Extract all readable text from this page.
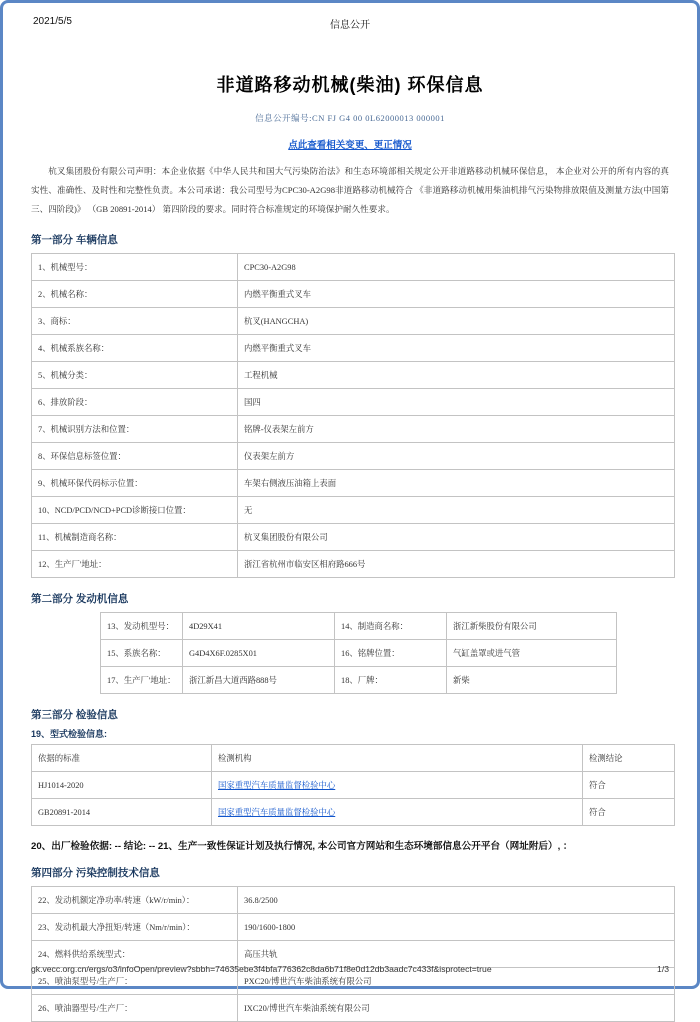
2021/5/5	信息公开
非道路移动机械(柴油) 环保信息
信息公开编号:CN FJ G4 00 0L62000013 000001
点此查看相关变更、更正情况
杭叉集团股份有限公司声明：本企业依据《中华人民共和国大气污染防治法》和生态环境部相关规定公开非道路移动机械环保信息， 本企业对公开的所有内容的真实性、准确性、及时性和完整性负责。本公司承诺：我公司型号为CPC30-A2G98非道路移动机械符合 《非道路移动机械用柴油机排气污染物排放限值及测量方法(中国第三、四阶段)》 （GB 20891-2014） 第四阶段的要求。同时符合标准规定的环境保护耐久性要求。
第一部分 车辆信息
1、机械型号：	CPC30-A2G98
2、机械名称：	内燃平衡重式叉车
3、商标：	杭叉(HANGCHA)
4、机械系族名称：	内燃平衡重式叉车
5、机械分类：	工程机械
6、排放阶段：	国四
7、机械识别方法和位置：	铭牌-仪表架左前方
8、环保信息标签位置：	仪表架左前方
9、机械环保代码标示位置：	车架右侧液压油箱上表面
10、NCD/PCD/NCD+PCD诊断接口位置：	无
11、机械制造商名称：	杭叉集团股份有限公司
12、生产厂'地址：	浙江省杭州市临安区相府路666号
第二部分 发动机信息
13、发动机型号：	4D29X41	14、制造商名称：	浙江新柴股份有限公司
15、系族名称：	G4D4X6F.0285X01	16、铭牌位置：	气缸盖罩或进气管
17、生产厂'地址：	浙江新昌大道西路888号	18、厂牌：	新柴
第三部分 检验信息
19、型式检验信息:
依据的标准	检测机构	检测结论
HJ1014-2020	国家重型汽车质量监督检验中心	符合
GB20891-2014	国家重型汽车质量监督检验中心	符合
20、出厂检验依据: -- 结论: -- 21、生产一致性保证计划及执行情况, 本公司官方网站和生态环境部信息公开平台（网址附后）, ：
第四部分 污染控制技术信息
22、发动机额定净功率/转速（kW/r/min）：	36.8/2500
23、发动机最大净扭矩/转速（Nm/r/min）：	190/1600-1800
24、燃料供给系统型式：	高压共轨
25、喷油泵型号/生产厂：	PXC20/博世汽车柴油系统有限公司
26、喷油器型号/生产厂：	IXC20/博世汽车柴油系统有限公司
gk.vecc.org.cn/ergs/o3/infoOpen/preview?sbbh=74635ebe3f4bfa776362c8da6b71f8e0d12db3aadc7c433f&isprotect=true	1/3
